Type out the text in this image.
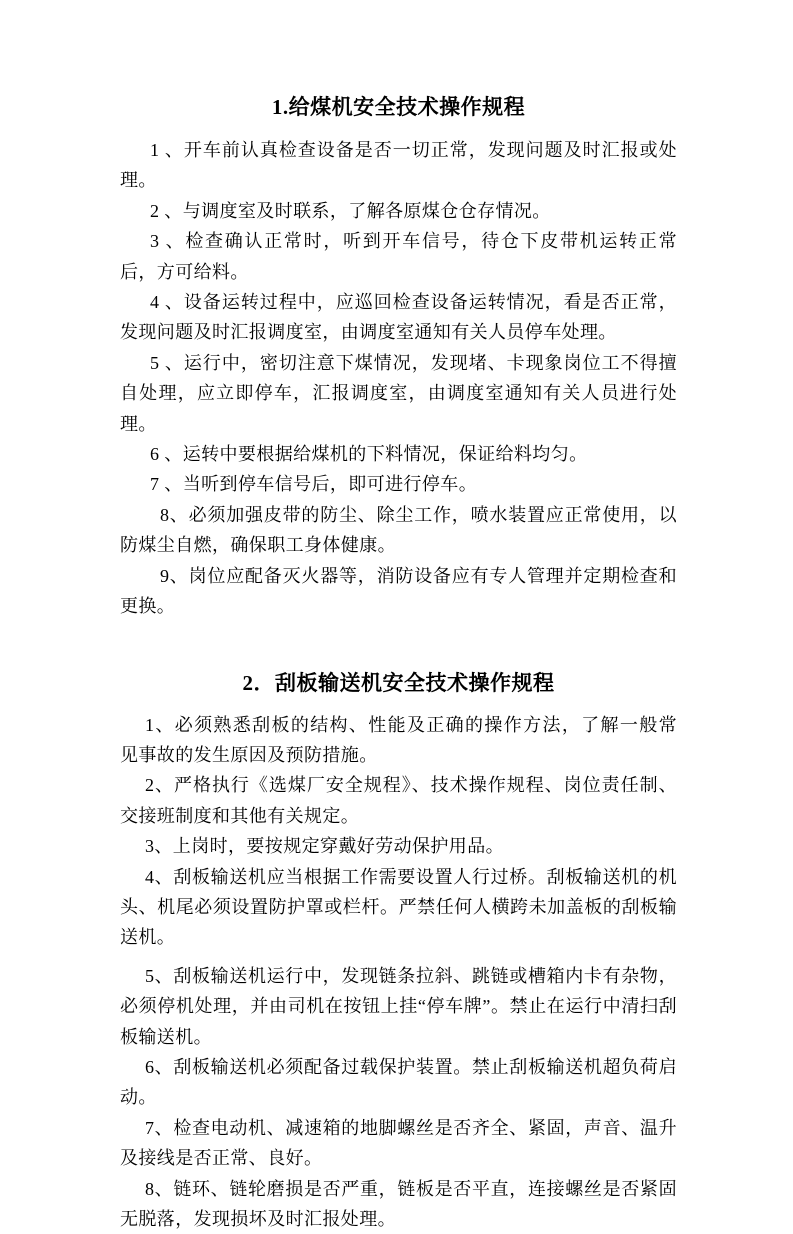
1.给煤机安全技术操作规程

1 、开车前认真检查设备是否一切正常，发现问题及时汇报或处理。

2 、与调度室及时联系，了解各原煤仓仓存情况。

3 、检查确认正常时，听到开车信号，待仓下皮带机运转正常后，方可给料。

4 、设备运转过程中，应巡回检查设备运转情况，看是否正常，发现问题及时汇报调度室，由调度室通知有关人员停车处理。

5 、运行中，密切注意下煤情况，发现堵、卡现象岗位工不得擅自处理，应立即停车，汇报调度室，由调度室通知有关人员进行处理。

6 、运转中要根据给煤机的下料情况，保证给料均匀。

7 、当听到停车信号后，即可进行停车。

8、必须加强皮带的防尘、除尘工作，喷水装置应正常使用，以防煤尘自燃，确保职工身体健康。

9、岗位应配备灭火器等，消防设备应有专人管理并定期检查和更换。

2．刮板输送机安全技术操作规程

1、必须熟悉刮板的结构、性能及正确的操作方法，了解一般常　　见事故的发生原因及预防措施。

2、严格执行《选煤厂安全规程》、技术操作规程、岗位责任制、交接班制度和其他有关规定。

3、上岗时，要按规定穿戴好劳动保护用品。

4、刮板输送机应当根据工作需要设置人行过桥。刮板输送机的机头、机尾必须设置防护罩或栏杆。严禁任何人横跨未加盖板的刮板输送机。

5、刮板输送机运行中，发现链条拉斜、跳链或槽箱内卡有杂物，必须停机处理，并由司机在按钮上挂“停车牌”。禁止在运行中清扫刮板输送机。

6、刮板输送机必须配备过载保护装置。禁止刮板输送机超负荷启动。

7、检查电动机、减速箱的地脚螺丝是否齐全、紧固，声音、温升及接线是否正常、良好。

8、链环、链轮磨损是否严重，链板是否平直，连接螺丝是否紧固无脱落，发现损坏及时汇报处理。
